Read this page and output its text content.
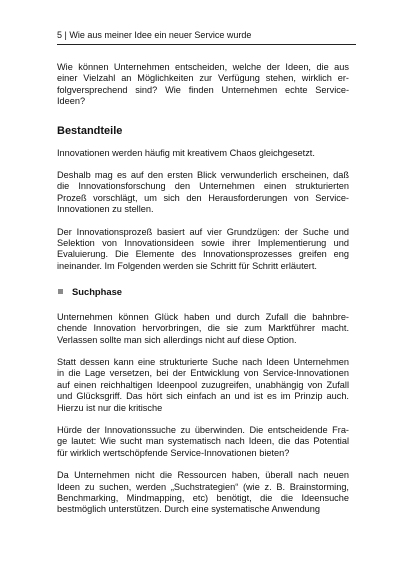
5 | Wie aus meiner Idee ein neuer Service wurde

Wie können Unternehmen entscheiden, welche der Ideen, die aus
einer Vielzahl an Möglichkeiten zur Verfügung stehen, wirklich er-
folgversprechend sind? Wie finden Unternehmen echte Service-
Ideen?

Bestandteile

Innovationen werden häufig mit kreativem Chaos gleichgesetzt.

Deshalb mag es auf den ersten Blick verwunderlich erscheinen, daß
die Innovationsforschung den Unternehmen einen strukturierten
Prozeß vorschlägt, um sich den Herausforderungen von Service-
Innovationen zu stellen.

Der Innovationsprozeß basiert auf vier Grundzügen: der Suche und
Selektion von Innovationsideen sowie ihrer Implementierung und
Evaluierung. Die Elemente des Innovationsprozesses greifen eng
ineinander. Im Folgenden werden sie Schritt für Schritt erläutert.

Suchphase

Unternehmen können Glück haben und durch Zufall die bahnbre-
chende Innovation hervorbringen, die sie zum Marktführer macht.
Verlassen sollte man sich allerdings nicht auf diese Option.

Statt dessen kann eine strukturierte Suche nach Ideen Unternehmen
in die Lage versetzen, bei der Entwicklung von Service-Innovationen
auf einen reichhaltigen Ideenpool zuzugreifen, unabhängig von Zufall
und Glücksgriff. Das hört sich einfach an und ist es im Prinzip auch.
Hierzu ist nur die kritische

Hürde der Innovationssuche zu überwinden. Die entscheidende Fra-
ge lautet: Wie sucht man systematisch nach Ideen, die das Potential
für wirklich wertschöpfende Service-Innovationen bieten?

Da Unternehmen nicht die Ressourcen haben, überall nach neuen
Ideen zu suchen, werden „Suchstrategien“ (wie z. B. Brainstorming,
Benchmarking, Mindmapping, etc) benötigt, die die Ideensuche
bestmöglich unterstützen. Durch eine systematische Anwendung
